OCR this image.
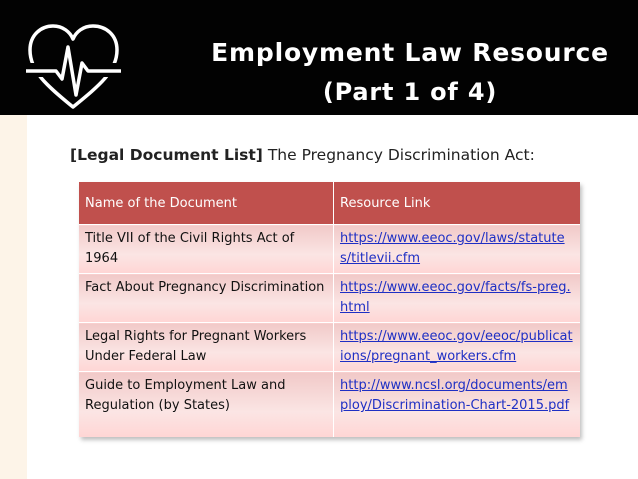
Employment Law Resource
(Part 1 of 4)
[Legal Document List] The Pregnancy Discrimination Act:
Name of the Document	Resource Link
Title VII of the Civil Rights Act of 1964	https://www.eeoc.gov/laws/statutes/titlevii.cfm
Fact About Pregnancy Discrimination	https://www.eeoc.gov/facts/fs-preg.html
Legal Rights for Pregnant Workers Under Federal Law	https://www.eeoc.gov/eeoc/publications/pregnant_workers.cfm
Guide to Employment Law and Regulation (by States)	http://www.ncsl.org/documents/employ/Discrimination-Chart-2015.pdf
